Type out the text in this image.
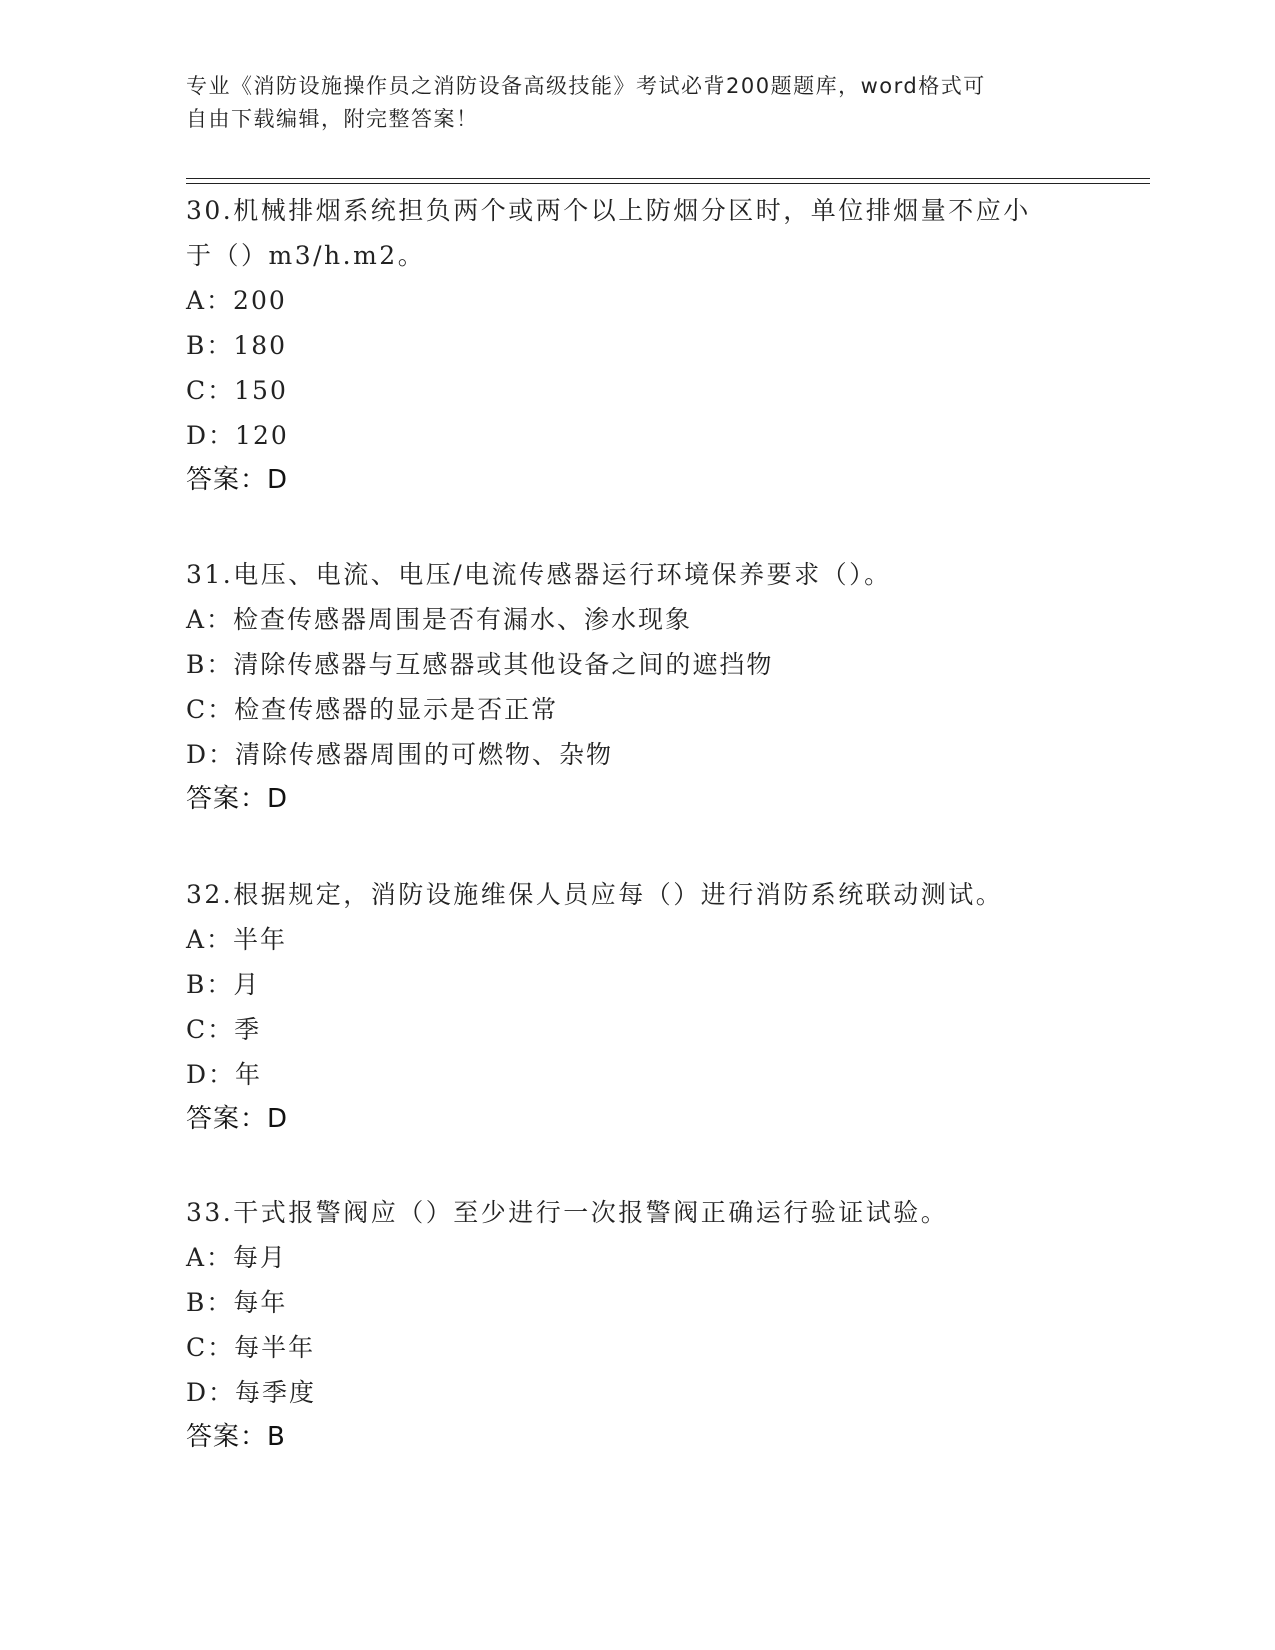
专业《消防设施操作员之消防设备高级技能》考试必背200题题库，word格式可
自由下载编辑，附完整答案！

30.机械排烟系统担负两个或两个以上防烟分区时，单位排烟量不应小

于（）m3/h.m2。

A：200

B：180

C：150

D：120

答案：D

31.电压、电流、电压/电流传感器运行环境保养要求（）。

A：检查传感器周围是否有漏水、渗水现象

B：清除传感器与互感器或其他设备之间的遮挡物

C：检查传感器的显示是否正常

D：清除传感器周围的可燃物、杂物

答案：D

32.根据规定，消防设施维保人员应每（）进行消防系统联动测试。

A：半年

B：月

C：季

D：年

答案：D

33.干式报警阀应（）至少进行一次报警阀正确运行验证试验。

A：每月

B：每年

C：每半年

D：每季度

答案：B
